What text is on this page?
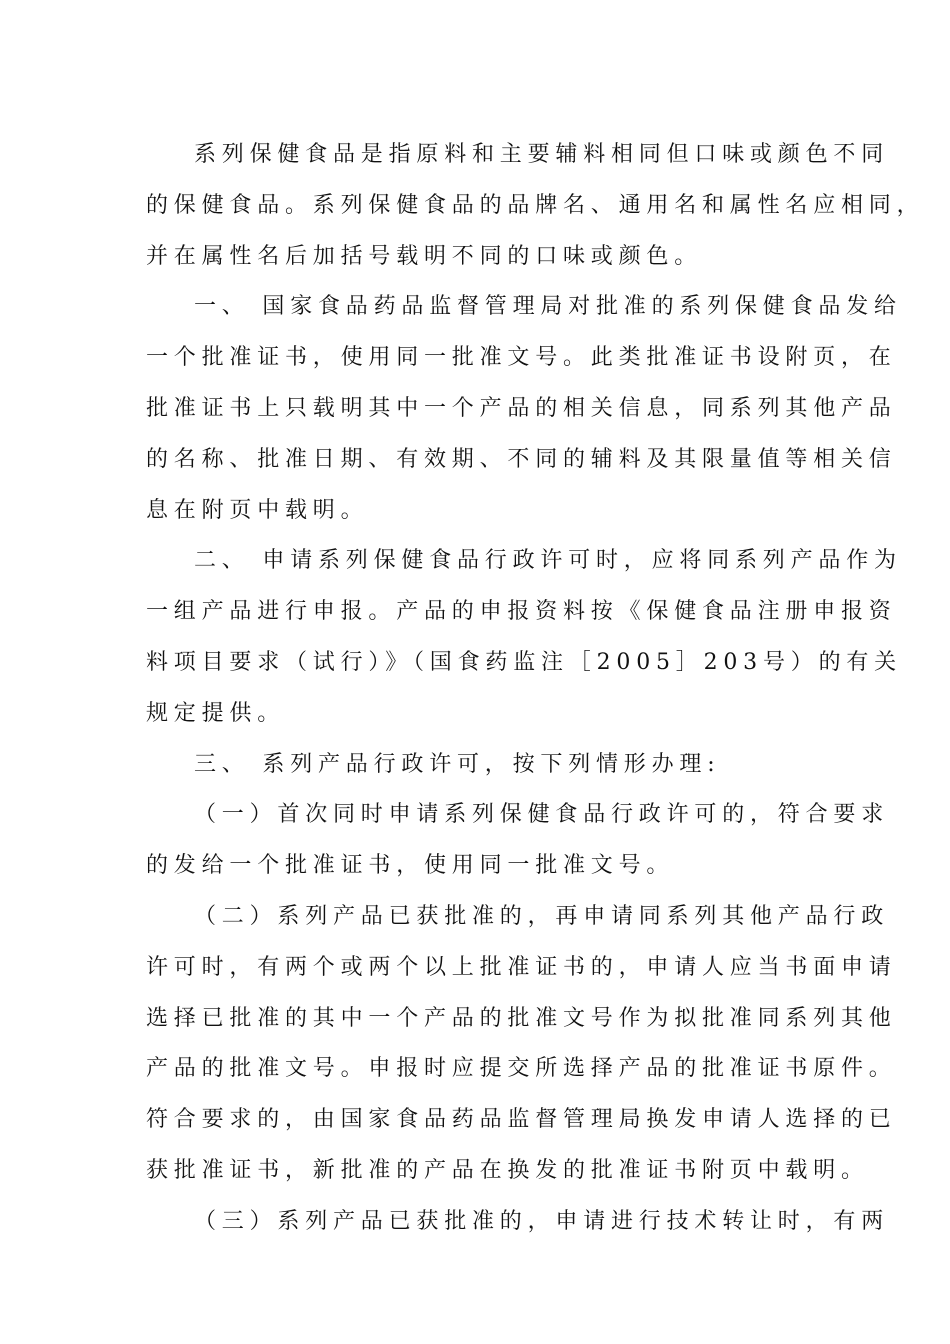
系列保健食品是指原料和主要辅料相同但口味或颜色不同
的保健食品。系列保健食品的品牌名、通用名和属性名应相同，
并在属性名后加括号载明不同的口味或颜色。
一、 国家食品药品监督管理局对批准的系列保健食品发给
一个批准证书，使用同一批准文号。此类批准证书设附页，在
批准证书上只载明其中一个产品的相关信息，同系列其他产品
的名称、批准日期、有效期、不同的辅料及其限量值等相关信
息在附页中载明。
二、 申请系列保健食品行政许可时，应将同系列产品作为
一组产品进行申报。产品的申报资料按《保健食品注册申报资
料项目要求（试行）》（国食药监注［2005］203号）的有关
规定提供。
三、 系列产品行政许可，按下列情形办理:
（一）首次同时申请系列保健食品行政许可的，符合要求
的发给一个批准证书，使用同一批准文号。
（二）系列产品已获批准的，再申请同系列其他产品行政
许可时，有两个或两个以上批准证书的，申请人应当书面申请
选择已批准的其中一个产品的批准文号作为拟批准同系列其他
产品的批准文号。申报时应提交所选择产品的批准证书原件。
符合要求的，由国家食品药品监督管理局换发申请人选择的已
获批准证书，新批准的产品在换发的批准证书附页中载明。
（三）系列产品已获批准的，申请进行技术转让时，有两
